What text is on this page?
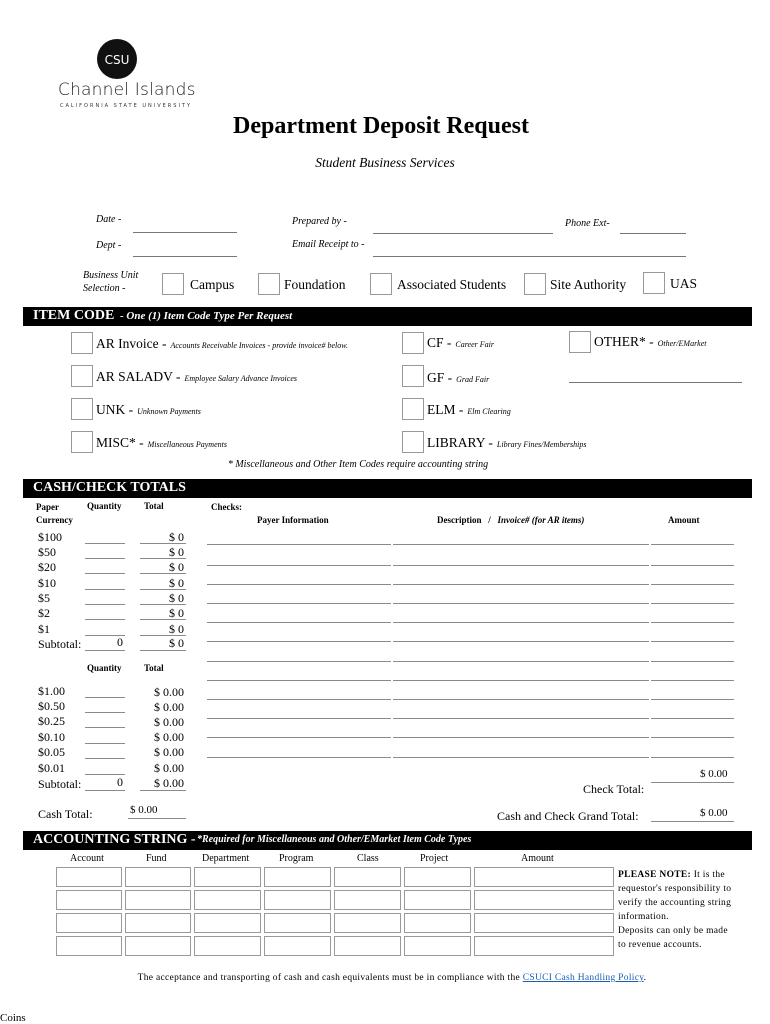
CSU
Channel Islands
CALIFORNIA STATE UNIVERSITY
Department Deposit Request
Student Business Services
Date -	Prepared by -	Phone Ext-
Dept -	Email Receipt to -
Business Unit
Selection -	Campus	Foundation	Associated Students	Site Authority	UAS
ITEM CODE - One (1) Item Code Type Per Request
AR Invoice - Accounts Receivable Invoices - provide invoice# below.
AR SALADV - Employee Salary Advance Invoices
UNK - Unknown Payments
MISC* - Miscellaneous Payments
CF - Career Fair
GF - Grad Fair
ELM - Elm Clearing
LIBRARY - Library Fines/Memberships
OTHER* - Other/EMarket
* Miscellaneous and Other Item Codes require accounting string
CASH/CHECK TOTALS
Paper
Currency
Quantity Total	Checks:
Payer Information	Description / Invoice# (for AR items)	Amount
$100	$ 0
$50	$ 0
$20	$ 0
$10	$ 0
$5	$ 0
$2	$ 0
$1	$ 0
Subtotal:	0	$ 0
Quantity Total
$1.00	$ 0.00
$0.50	$ 0.00
$0.25	$ 0.00
$0.10	$ 0.00
$0.05	$ 0.00
$0.01	$ 0.00
Subtotal:	0	$ 0.00
Cash Total:	$ 0.00
Check Total:
$ 0.00
Cash and Check Grand Total:	$ 0.00
ACCOUNTING STRING - *Required for Miscellaneous and Other/EMarket Item Code Types
Account	Fund	Department	Program	Class	Project	Amount
PLEASE NOTE: It is the
requestor's responsibility to
verify the accounting string
information.
Deposits can only be made
to revenue accounts.
The acceptance and transporting of cash and cash equivalents must be in compliance with the CSUCI Cash Handling Policy.
Coins
